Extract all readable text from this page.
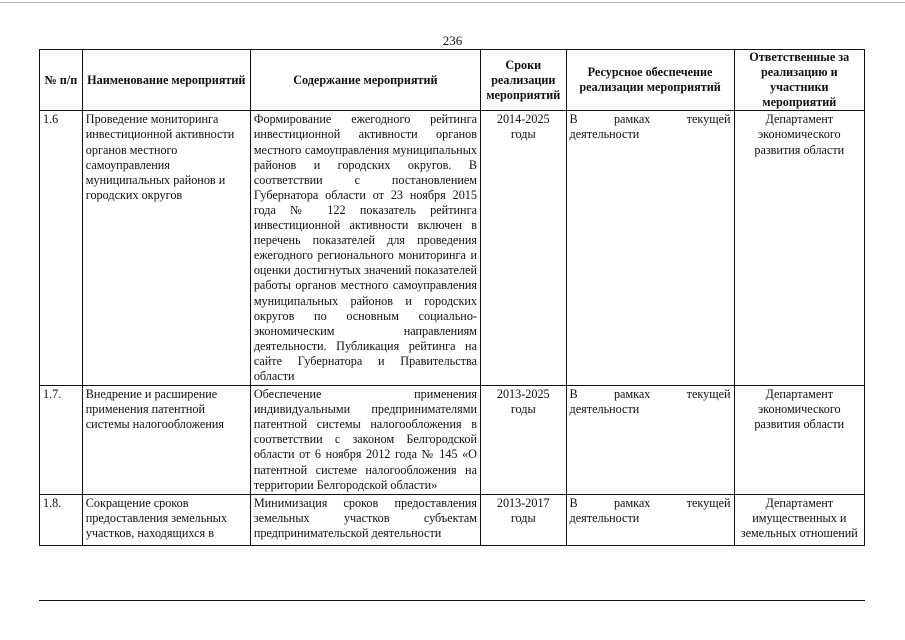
236
№ п/п	Наименование мероприятий	Содержание мероприятий	Сроки реализации мероприятий	Ресурсное обеспечение реализации мероприятий	Ответственные за реализацию и участники мероприятий
1.6	Проведение мониторинга инвестиционной активности органов местного самоуправления муниципальных районов и городских округов	Формирование ежегодного рейтинга инвестиционной активности органов местного самоуправления муниципальных районов и городских округов. В соответствии с постановлением Губернатора области от 23 ноября 2015 года № 122 показатель рейтинга инвестиционной активности включен в перечень показателей для проведения ежегодного регионального мониторинга и оценки достигнутых значений показателей работы органов местного самоуправления муниципальных районов и городских округов по основным социально-экономическим направлениям деятельности. Публикация рейтинга на сайте Губернатора и Правительства области	2014-2025 годы	В рамках текущей деятельности	Департамент экономического развития области
1.7.	Внедрение и расширение применения патентной системы налогообложения	Обеспечение применения индивидуальными предпринимателями патентной системы налогообложения в соответствии с законом Белгородской области от 6 ноября 2012 года № 145 «О патентной системе налогообложения на территории Белгородской области»	2013-2025 годы	В рамках текущей деятельности	Департамент экономического развития области
1.8.	Сокращение сроков предоставления земельных участков, находящихся в	Минимизация сроков предоставления земельных участков субъектам предпринимательской деятельности	2013-2017 годы	В рамках текущей деятельности	Департамент имущественных и земельных отношений
